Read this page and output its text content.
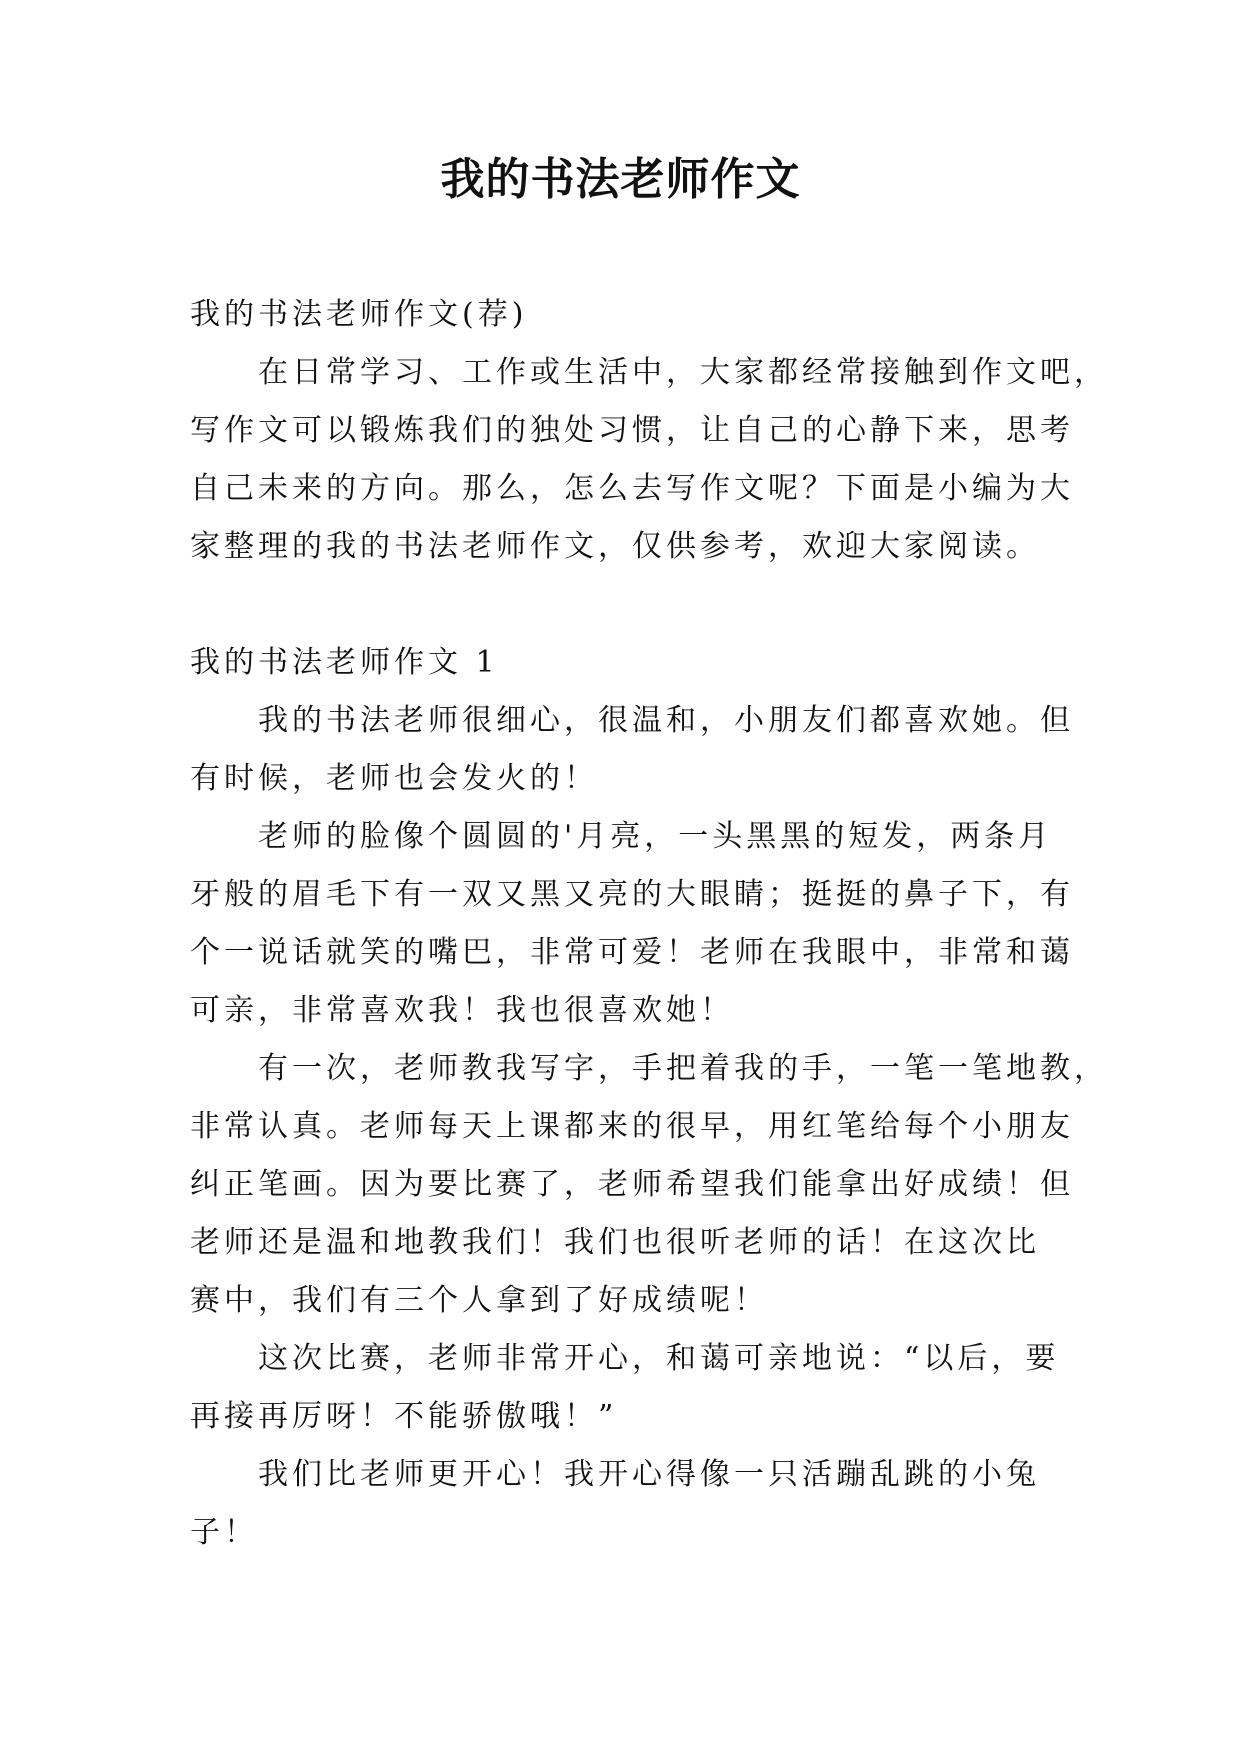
我的书法老师作文

我的书法老师作文(荐)

在日常学习、工作或生活中，大家都经常接触到作文吧，

写作文可以锻炼我们的独处习惯，让自己的心静下来，思考

自己未来的方向。那么，怎么去写作文呢？下面是小编为大

家整理的我的书法老师作文，仅供参考，欢迎大家阅读。

我的书法老师作文 1

我的书法老师很细心，很温和，小朋友们都喜欢她。但

有时候，老师也会发火的！

老师的脸像个圆圆的'月亮，一头黑黑的短发，两条月

牙般的眉毛下有一双又黑又亮的大眼睛；挺挺的鼻子下，有

个一说话就笑的嘴巴，非常可爱！老师在我眼中，非常和蔼

可亲，非常喜欢我！我也很喜欢她！

有一次，老师教我写字，手把着我的手，一笔一笔地教，

非常认真。老师每天上课都来的很早，用红笔给每个小朋友

纠正笔画。因为要比赛了，老师希望我们能拿出好成绩！但

老师还是温和地教我们！我们也很听老师的话！在这次比

赛中，我们有三个人拿到了好成绩呢！

这次比赛，老师非常开心，和蔼可亲地说：“以后，要

再接再厉呀！不能骄傲哦！”

我们比老师更开心！我开心得像一只活蹦乱跳的小兔

子！
